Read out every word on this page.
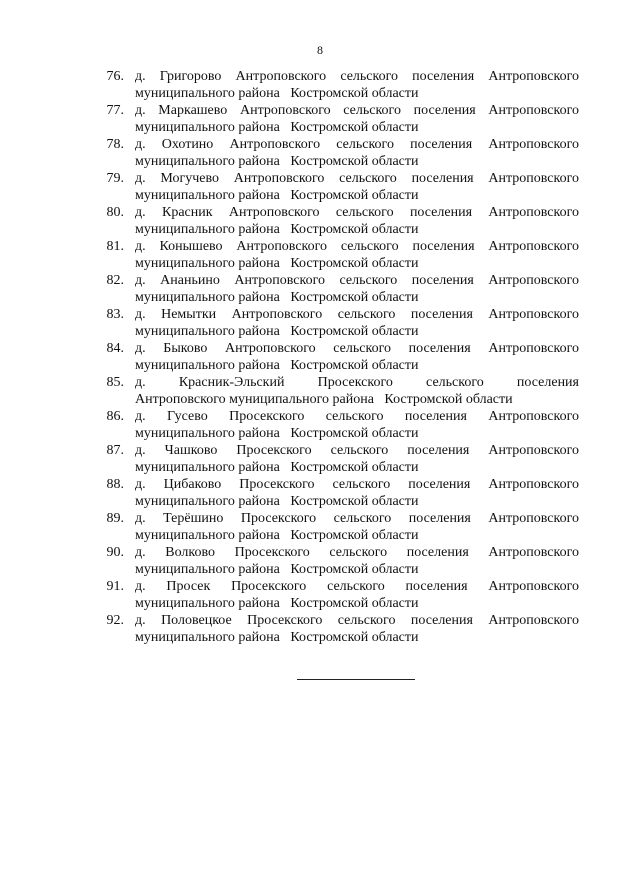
8
76. д. Григорово Антроповского сельского поселения Антроповского
муниципального района   Костромской области
77. д. Маркашево Антроповского сельского поселения Антроповского
муниципального района   Костромской области
78. д. Охотино Антроповского сельского поселения Антроповского
муниципального района   Костромской области
79. д. Могучево Антроповского сельского поселения Антроповского
муниципального района   Костромской области
80. д. Красник Антроповского сельского поселения Антроповского
муниципального района   Костромской области
81. д. Конышево Антроповского сельского поселения Антроповского
муниципального района   Костромской области
82. д. Ананьино Антроповского сельского поселения Антроповского
муниципального района   Костромской области
83. д. Немытки Антроповского сельского поселения Антроповского
муниципального района   Костромской области
84. д. Быково Антроповского сельского поселения Антроповского
муниципального района   Костромской области
85. д. Красник-Эльский Просекского сельского поселения
Антроповского муниципального района   Костромской области
86. д. Гусево Просекского сельского поселения Антроповского
муниципального района   Костромской области
87. д. Чашково Просекского сельского поселения Антроповского
муниципального района   Костромской области
88. д. Цибаково Просекского сельского поселения Антроповского
муниципального района   Костромской области
89. д. Терёшино Просекского сельского поселения Антроповского
муниципального района   Костромской области
90. д. Волково Просекского сельского поселения Антроповского
муниципального района   Костромской области
91. д. Просек Просекского сельского поселения Антроповского
муниципального района   Костромской области
92. д. Половецкое Просекского сельского поселения Антроповского
муниципального района   Костромской области
